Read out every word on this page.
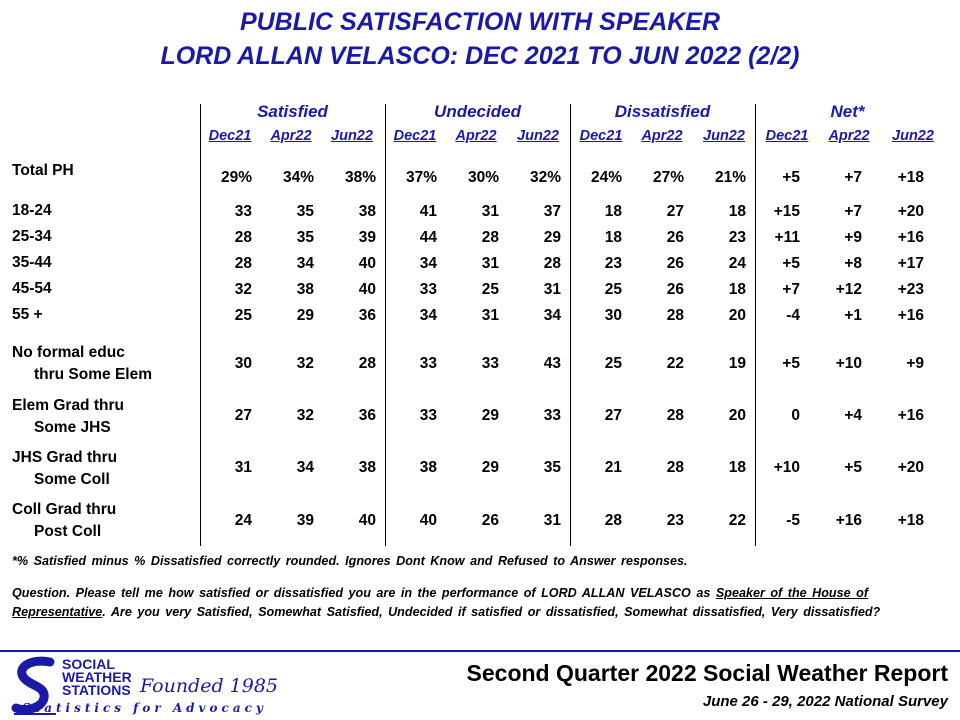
PUBLIC SATISFACTION WITH SPEAKER
LORD ALLAN VELASCO: DEC 2021 TO JUN 2022 (2/2)
Satisfied
Dec21	Apr22	Jun22
Undecided
Dec21	Apr22	Jun22
Dissatisfied
Dec21	Apr22	Jun22
Net*
Dec21	Apr22	Jun22
Total PH	29%	34%	38%	37%	30%	32%	24%	27%	21%	+5	+7	+18
18-24	33	35	38	41	31	37	18	27	18	+15	+7	+20
25-34	28	35	39	44	28	29	18	26	23	+11	+9	+16
35-44	28	34	40	34	31	28	23	26	24	+5	+8	+17
45-54	32	38	40	33	25	31	25	26	18	+7	+12	+23
55 +	25	29	36	34	31	34	30	28	20	-4	+1	+16
No formal educ
thru Some Elem
30	32	28	33	33	43	25	22	19	+5	+10	+9
Elem Grad thru
Some JHS
27	32	36	33	29	33	27	28	20	0	+4	+16
JHS Grad thru
Some Coll
31	34	38	38	29	35	21	28	18	+10	+5	+20
Coll Grad thru
Post Coll
24	39	40	40	26	31	28	23	22	-5	+16	+18
*% Satisfied minus % Dissatisfied correctly rounded. Ignores Dont Know and Refused to Answer responses.
Question. Please tell me how satisfied or dissatisfied you are in the performance of LORD ALLAN VELASCO as Speaker of the House of Representative. Are you very Satisfied, Somewhat Satisfied, Undecided if satisfied or dissatisfied, Somewhat dissatisfied, Very dissatisfied?
SOCIAL
WEATHER
STATIONS Founded 1985
Statistics for Advocacy
Second Quarter 2022 Social Weather Report
June 26 - 29, 2022 National Survey
